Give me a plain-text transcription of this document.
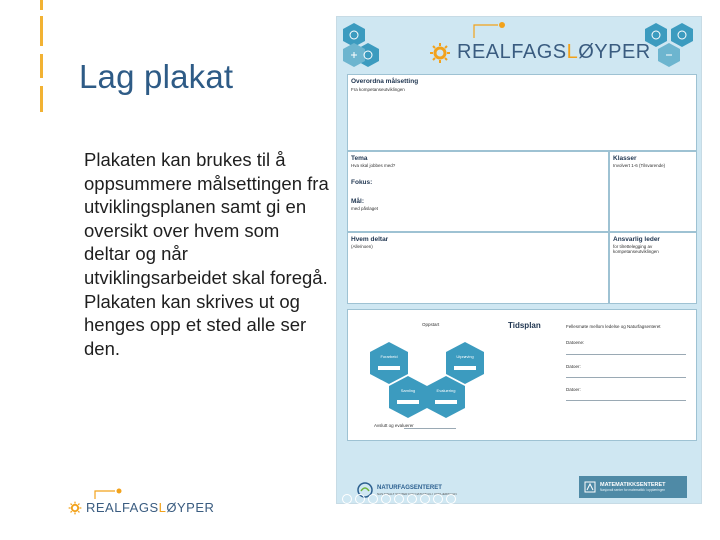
Lag plakat

Plakaten kan brukes til å oppsummere målsettingen fra utviklingsplanen samt gi en oversikt over hvem som deltar og når utviklingsarbeidet skal foregå. Plakaten kan skrives ut og henges opp et sted alle ser den.

REALFAGSLØYPER
Overordna målsetting
Fra kompetanseutviklingen
Tema
Hva skal jobbes med?
Fokus:
Mål:
med påslaget
Klasser
Involvert 1-6 (Tilsvarende)
Hvem deltar
(Alle/noen)
Ansvarlig leder
for tilrettelegging av kompetanseutviklingen
Oppstart	Tidsplan	Fellesmøte mellom ledelse og Naturfagsenteret
Datoene:
Datoer:
Datoer:
Forarbeid	Utprøving
Samling	Evaluering
Avslutt og evaluerer
NATURFAGSENTERET
NASJONALT SENTER FOR NATURFAG I OPPLÆRINGEN
MATEMATIKKSENTERET
Nasjonalt senter for matematikk i opplæringen
REALFAGSLØYPER
